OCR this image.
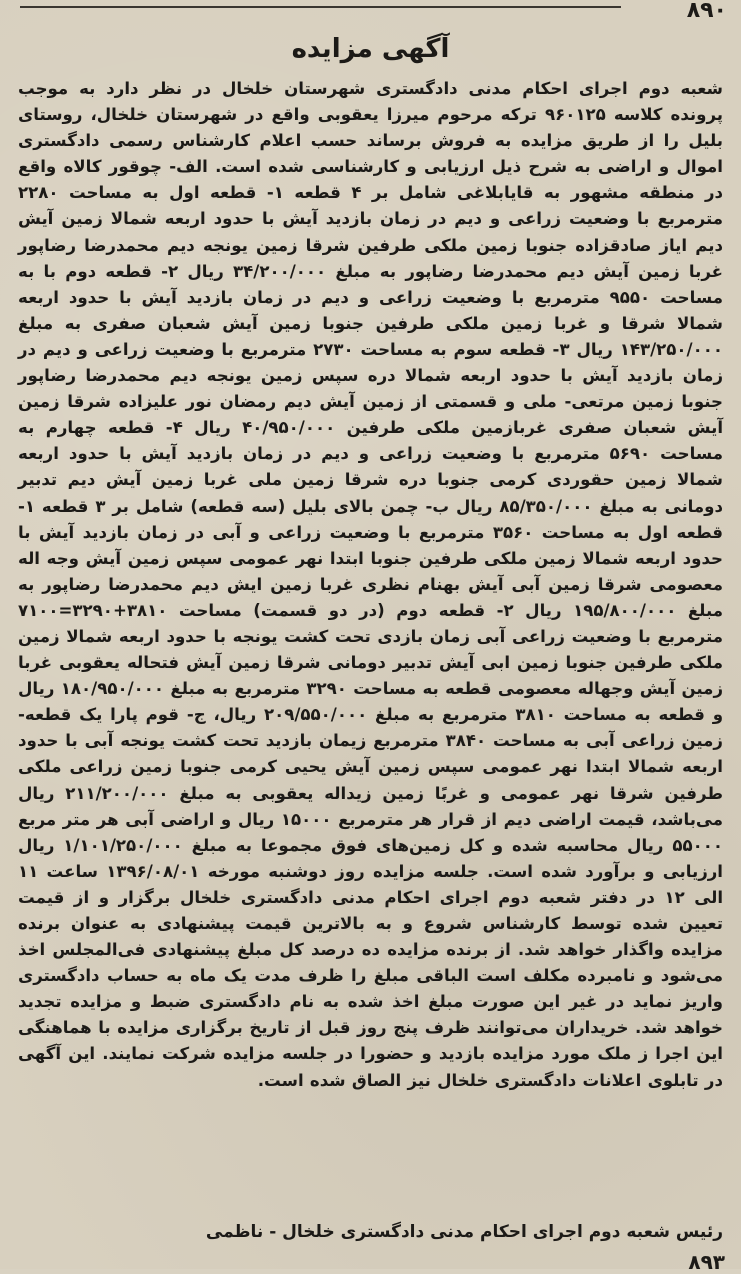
۸۹۰
آگهی مزایده
شعبه دوم اجرای احکام مدنی دادگستری شهرستان خلخال در نظر دارد به موجب پرونده کلاسه ۹۶۰۱۲۵ ترکه مرحوم میرزا یعقوبی واقع در شهرستان خلخال، روستای بلیل را از طریق مزایده به فروش برساند حسب اعلام کارشناس رسمی دادگستری اموال و اراضی به شرح ذیل ارزیابی و کارشناسی شده است. الف- چوقور کالاه واقع در منطقه مشهور به قایابلاغی شامل بر ۴ قطعه ۱- قطعه اول به مساحت ۲۲۸۰ مترمربع با وضعیت زراعی و دیم در زمان بازدید آیش با حدود اربعه شمالا زمین آیش دیم ایاز صادقزاده جنوبا زمین ملکی طرفین شرقا زمین یونجه دیم محمدرضا رضاپور غربا زمین آیش دیم محمدرضا رضاپور به مبلغ ۳۴/۲۰۰/۰۰۰ ریال ۲- قطعه دوم با به مساحت ۹۵۵۰ مترمربع با وضعیت زراعی و دیم در زمان بازدید آیش با حدود اربعه شمالا شرقا و غربا زمین ملکی طرفین جنوبا زمین آیش شعبان صفری به مبلغ ۱۴۳/۲۵۰/۰۰۰ ریال ۳- قطعه سوم به مساحت ۲۷۳۰ مترمربع با وضعیت زراعی و دیم در زمان بازدید آیش با حدود اربعه شمالا دره سپس زمین یونجه دیم محمدرضا رضاپور جنوبا زمین مرتعی- ملی و قسمتی از زمین آیش دیم رمضان نور علیزاده شرقا زمین آیش شعبان صفری غربازمین ملکی طرفین ۴۰/۹۵۰/۰۰۰ ریال ۴- قطعه چهارم به مساحت ۵۶۹۰ مترمربع با وضعیت زراعی و دیم در زمان بازدید آیش با حدود اربعه شمالا زمین حقوردی کرمی جنوبا دره شرقا زمین ملی غربا زمین آیش دیم تدبیر دومانی به مبلغ ۸۵/۳۵۰/۰۰۰ ریال ب- چمن بالای بلیل (سه قطعه) شامل بر ۳ قطعه ۱- قطعه اول به مساحت ۳۵۶۰ مترمربع با وضعیت زراعی و آبی در زمان بازدید آیش با حدود اربعه شمالا زمین ملکی طرفین جنوبا ابتدا نهر عمومی سپس زمین آیش وجه اله معصومی شرقا زمین آبی آیش بهنام نظری غربا زمین ایش دیم محمدرضا رضاپور به مبلغ ۱۹۵/۸۰۰/۰۰۰ ریال ۲- قطعه دوم (در دو قسمت) مساحت ۳۸۱۰+۳۲۹۰=۷۱۰۰ مترمربع با وضعیت زراعی آبی زمان بازدی تحت کشت یونجه با حدود اربعه شمالا زمین ملکی طرفین جنوبا زمین ابی آیش تدبیر دومانی شرقا زمین آیش فتحاله یعقوبی غربا زمین آیش وجهاله معصومی قطعه به مساحت ۳۲۹۰ مترمربع به مبلغ ۱۸۰/۹۵۰/۰۰۰ ریال و قطعه به مساحت ۳۸۱۰ مترمربع به مبلغ ۲۰۹/۵۵۰/۰۰۰ ریال، ج- قوم پارا یک قطعه- زمین زراعی آبی به مساحت ۳۸۴۰ مترمربع زیمان بازدید تحت کشت یونجه آبی با حدود اربعه شمالا ابتدا نهر عمومی سپس زمین آیش یحیی کرمی جنوبا زمین زراعی ملکی طرفین شرقا نهر عمومی و غربًا زمین زیداله یعقوبی به مبلغ ۲۱۱/۲۰۰/۰۰۰ ریال می‌باشد، قیمت اراضی دیم از قرار هر مترمربع ۱۵۰۰۰ ریال و اراضی آبی هر متر مربع ۵۵۰۰۰ ریال محاسبه شده و کل زمین‌های فوق مجموعا به مبلغ ۱/۱۰۱/۲۵۰/۰۰۰ ریال ارزیابی و برآورد شده است. جلسه مزایده روز دوشنبه مورخه ۱۳۹۶/۰۸/۰۱ ساعت ۱۱ الی ۱۲ در دفتر شعبه دوم اجرای احکام مدنی دادگستری خلخال برگزار و از قیمت تعیین شده توسط کارشناس شروع و به بالاترین قیمت پیشنهادی به عنوان برنده مزایده واگذار خواهد شد. از برنده مزایده ده درصد کل مبلغ پیشنهادی فی‌المجلس اخذ می‌شود و نامبرده مکلف است الباقی مبلغ را ظرف مدت یک ماه به حساب دادگستری واریز نماید در غیر این صورت مبلغ اخذ شده به نام دادگستری ضبط و مزایده تجدید خواهد شد. خریداران می‌توانند ظرف پنج روز قبل از تاریخ برگزاری مزایده با هماهنگی این اجرا ز ملک مورد مزایده بازدید و حضورا در جلسه مزایده شرکت نمایند. این آگهی در تابلوی اعلانات دادگستری خلخال نیز الصاق شده است.
رئیس شعبه دوم اجرای احکام مدنی دادگستری خلخال - ناظمی
۸۹۳
